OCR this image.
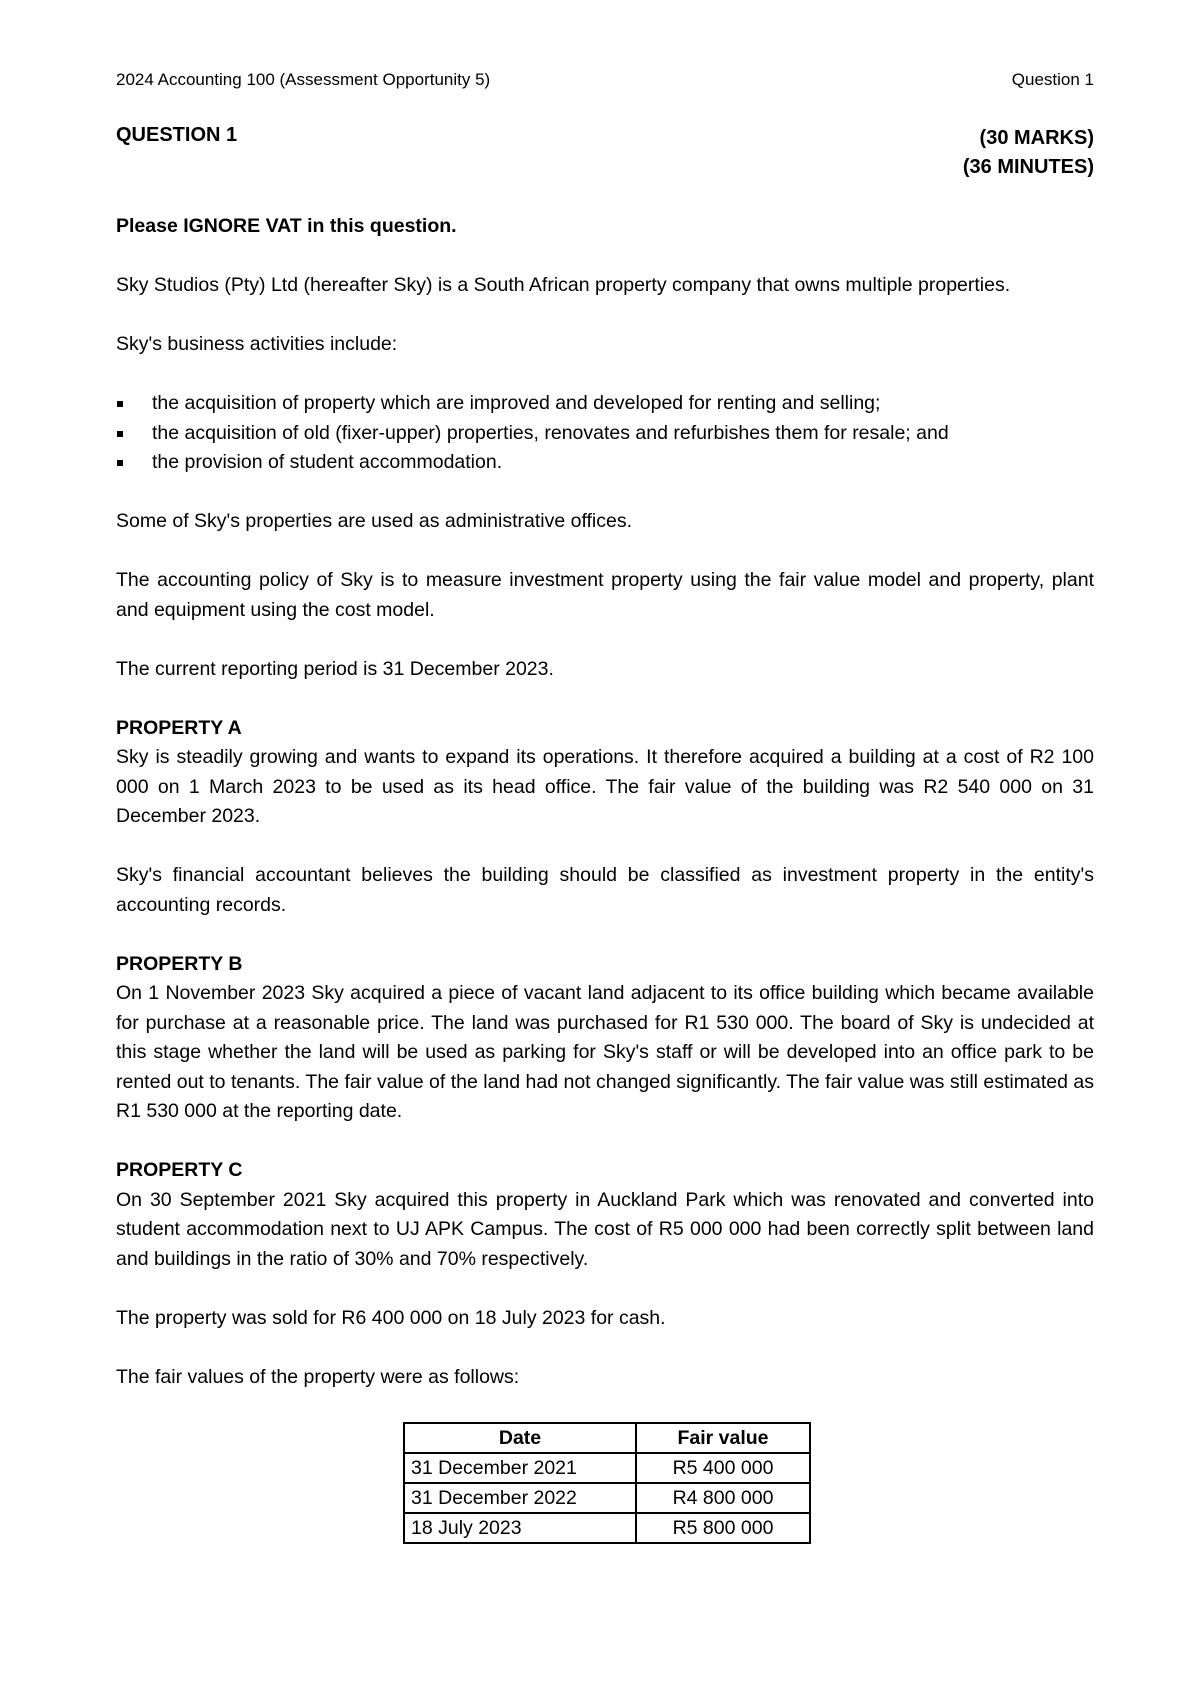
2024 Accounting 100 (Assessment Opportunity 5)	Question 1
QUESTION 1	(30 MARKS)
(36 MINUTES)

Please IGNORE VAT in this question.

Sky Studios (Pty) Ltd (hereafter Sky) is a South African property company that owns multiple properties.

Sky's business activities include:

the acquisition of property which are improved and developed for renting and selling;
the acquisition of old (fixer-upper) properties, renovates and refurbishes them for resale; and
the provision of student accommodation.

Some of Sky's properties are used as administrative offices.

The accounting policy of Sky is to measure investment property using the fair value model and property, plant and equipment using the cost model.

The current reporting period is 31 December 2023.

PROPERTY A

Sky is steadily growing and wants to expand its operations. It therefore acquired a building at a cost of R2 100 000 on 1 March 2023 to be used as its head office. The fair value of the building was R2 540 000 on 31 December 2023.

Sky's financial accountant believes the building should be classified as investment property in the entity's accounting records.

PROPERTY B

On 1 November 2023 Sky acquired a piece of vacant land adjacent to its office building which became available for purchase at a reasonable price. The land was purchased for R1 530 000. The board of Sky is undecided at this stage whether the land will be used as parking for Sky's staff or will be developed into an office park to be rented out to tenants. The fair value of the land had not changed significantly. The fair value was still estimated as R1 530 000 at the reporting date.

PROPERTY C

On 30 September 2021 Sky acquired this property in Auckland Park which was renovated and converted into student accommodation next to UJ APK Campus. The cost of R5 000 000 had been correctly split between land and buildings in the ratio of 30% and 70% respectively.

The property was sold for R6 400 000 on 18 July 2023 for cash.

The fair values of the property were as follows:

Date	Fair value
31 December 2021	R5 400 000
31 December 2022	R4 800 000
18 July 2023	R5 800 000
